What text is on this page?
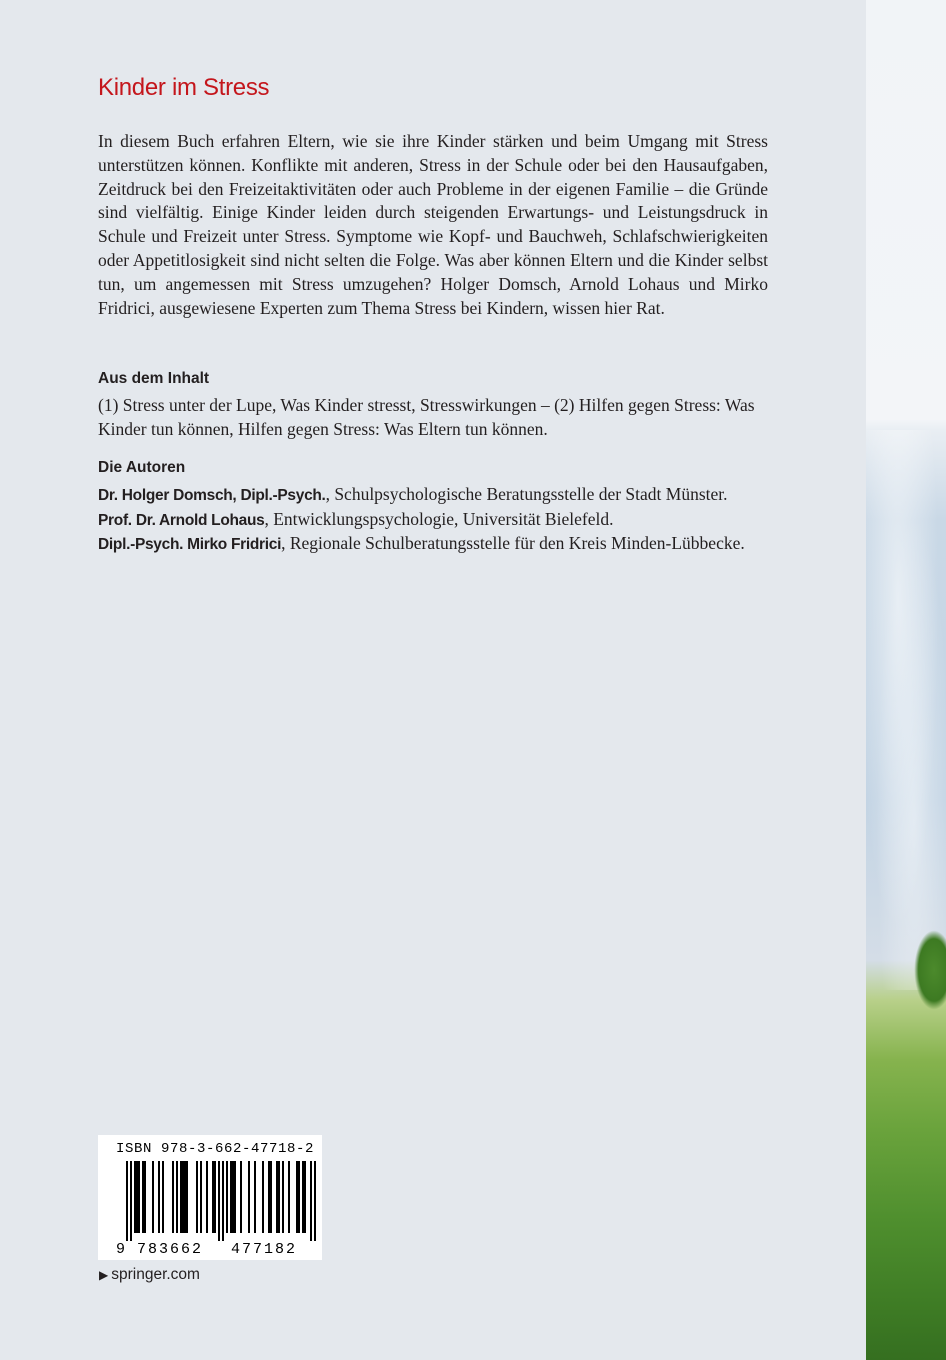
Kinder im Stress

In diesem Buch erfahren Eltern, wie sie ihre Kinder stärken und beim Umgang mit Stress unterstützen können. Konflikte mit anderen, Stress in der Schule oder bei den Hausaufgaben, Zeitdruck bei den Freizeitaktivitäten oder auch Probleme in der eigenen Familie – die Gründe sind vielfältig. Einige Kinder leiden durch steigenden Erwartungs- und Leistungsdruck in Schule und Freizeit unter Stress. Symptome wie Kopf- und Bauchweh, Schlafschwierigkeiten oder Appetitlosigkeit sind nicht selten die Folge. Was aber können Eltern und die Kinder selbst tun, um angemessen mit Stress umzugehen? Holger Domsch, Arnold Lohaus und Mirko Fridrici, ausgewiesene Experten zum Thema Stress bei Kindern, wissen hier Rat.

Aus dem Inhalt

(1) Stress unter der Lupe, Was Kinder stresst, Stresswirkungen – (2) Hilfen gegen Stress: Was Kinder tun können, Hilfen gegen Stress: Was Eltern tun können.

Die Autoren
Dr. Holger Domsch, Dipl.-Psych., Schulpsychologische Beratungsstelle der Stadt Münster.
Prof. Dr. Arnold Lohaus, Entwicklungspsychologie, Universität Bielefeld.
Dipl.-Psych. Mirko Fridrici, Regionale Schulberatungsstelle für den Kreis Minden-Lübbecke.
ISBN 978-3-662-47718-2
9 783662 477182
▶ springer.com
